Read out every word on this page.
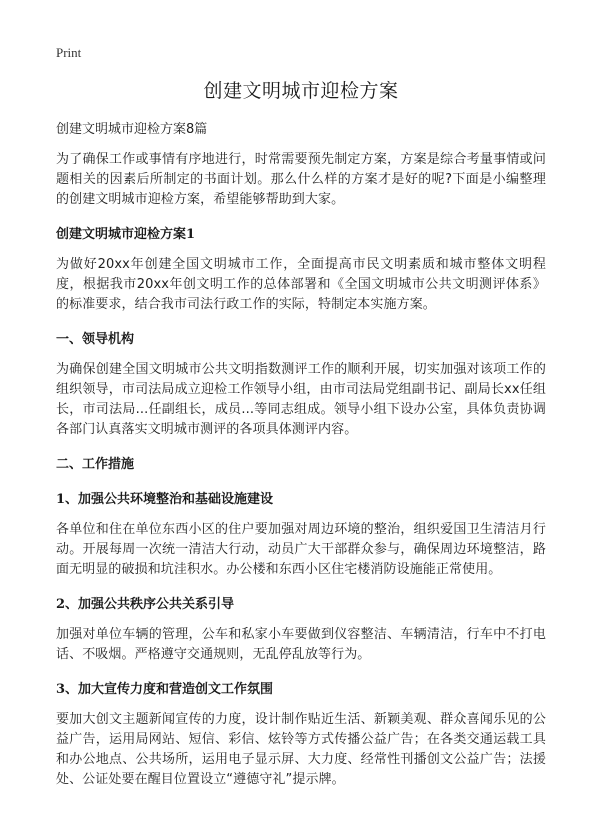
Print
创建文明城市迎检方案
创建文明城市迎检方案8篇

为了确保工作或事情有序地进行，时常需要预先制定方案，方案是综合考量事情或问题相关的因素后所制定的书面计划。那么什么样的方案才是好的呢?下面是小编整理的创建文明城市迎检方案，希望能够帮助到大家。

创建文明城市迎检方案1

为做好20xx年创建全国文明城市工作，全面提高市民文明素质和城市整体文明程度，根据我市20xx年创文明工作的总体部署和《全国文明城市公共文明测评体系》的标准要求，结合我市司法行政工作的实际，特制定本实施方案。

一、领导机构

为确保创建全国文明城市公共文明指数测评工作的顺利开展，切实加强对该项工作的组织领导，市司法局成立迎检工作领导小组，由市司法局党组副书记、副局长xx任组长，市司法局...任副组长，成员...等同志组成。领导小组下设办公室，具体负责协调各部门认真落实文明城市测评的各项具体测评内容。

二、工作措施
1、加强公共环境整治和基础设施建设

各单位和住在单位东西小区的住户要加强对周边环境的整治，组织爱国卫生清洁月行动。开展每周一次统一清洁大行动，动员广大干部群众参与，确保周边环境整洁，路面无明显的破损和坑洼积水。办公楼和东西小区住宅楼消防设施能正常使用。

2、加强公共秩序公共关系引导

加强对单位车辆的管理，公车和私家小车要做到仪容整洁、车辆清洁，行车中不打电话、不吸烟。严格遵守交通规则，无乱停乱放等行为。

3、加大宣传力度和营造创文工作氛围

要加大创文主题新闻宣传的力度，设计制作贴近生活、新颖美观、群众喜闻乐见的公益广告，运用局网站、短信、彩信、炫铃等方式传播公益广告；在各类交通运载工具和办公地点、公共场所，运用电子显示屏、大力度、经常性刊播创文公益广告；法援处、公证处要在醒目位置设立“遵德守礼”提示牌。
